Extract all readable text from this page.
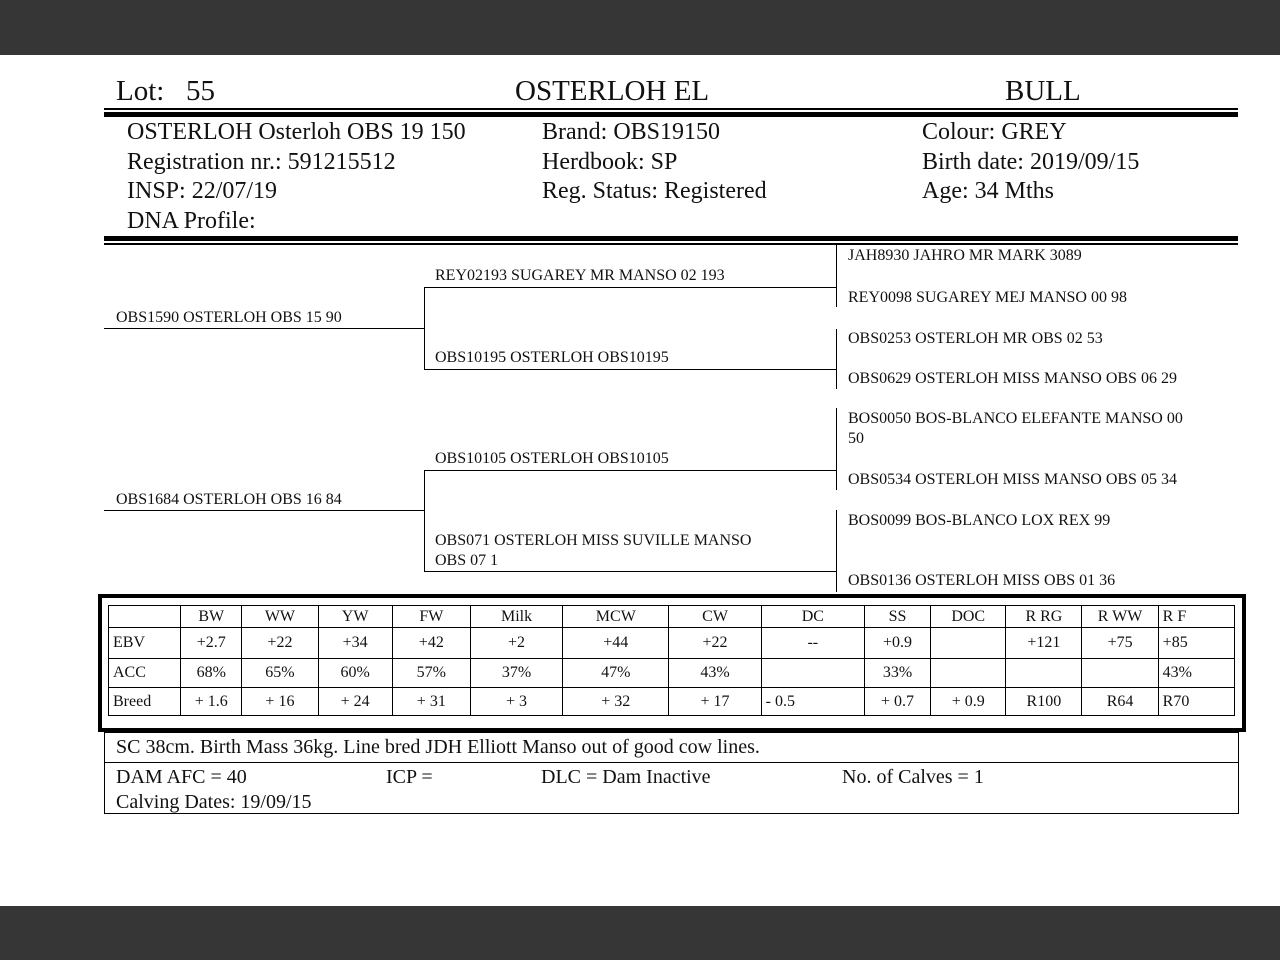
Lot: 55	OSTERLOH EL	BULL
OSTERLOH Osterloh OBS 19 150
Registration nr.: 591215512
INSP: 22/07/19
DNA Profile:
Brand: OBS19150
Herdbook: SP
Reg. Status: Registered
Colour: GREY
Birth date: 2019/09/15
Age: 34 Mths
OBS1590 OSTERLOH OBS 15 90
OBS1684 OSTERLOH OBS 16 84
REY02193 SUGAREY MR MANSO 02 193
OBS10195 OSTERLOH OBS10195
OBS10105 OSTERLOH OBS10105
OBS071 OSTERLOH MISS SUVILLE MANSO
OBS 07 1
JAH8930 JAHRO MR MARK 3089
REY0098 SUGAREY MEJ MANSO 00 98
OBS0253 OSTERLOH MR OBS 02 53
OBS0629 OSTERLOH MISS MANSO OBS 06 29
BOS0050 BOS-BLANCO ELEFANTE MANSO 00
50
OBS0534 OSTERLOH MISS MANSO OBS 05 34
BOS0099 BOS-BLANCO LOX REX 99
OBS0136 OSTERLOH MISS OBS 01 36
	BW	WW	YW	FW	Milk	MCW	CW	DC	SS	DOC	R RG	R WW	R F
EBV	+2.7	+22	+34	+42	+2	+44	+22	--	+0.9		+121	+75	+85
ACC	68%	65%	60%	57%	37%	47%	43%		33%				43%
Breed	+ 1.6	+ 16	+ 24	+ 31	+ 3	+ 32	+ 17	- 0.5	+ 0.7	+ 0.9	R100	R64	R70
SC 38cm. Birth Mass 36kg. Line bred JDH Elliott Manso out of good cow lines.
DAM AFC = 40	ICP =	DLC = Dam Inactive	No. of Calves = 1
Calving Dates: 19/09/15
